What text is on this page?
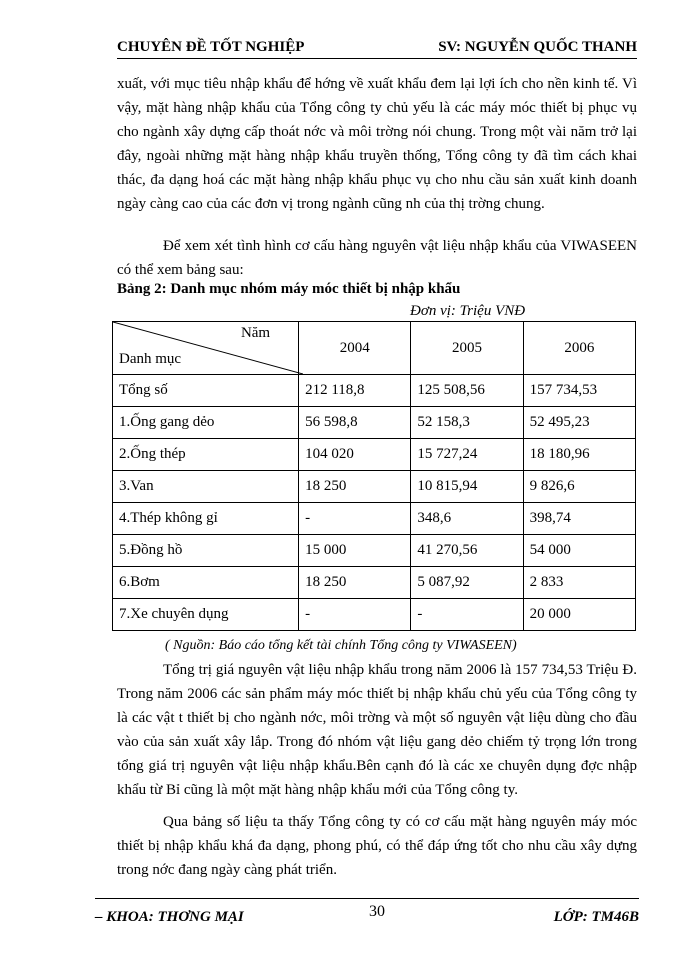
CHUYÊN ĐỀ TỐT NGHIỆP	SV: NGUYỄN QUỐC THANH

xuất, với mục tiêu nhập khẩu để hớng về xuất khẩu đem lại lợi ích cho nền kinh tế. Vì vậy, mặt hàng nhập khẩu của Tổng công ty chủ yếu là các máy móc thiết bị phục vụ cho ngành xây dựng cấp thoát nớc và môi trờng nói chung. Trong một vài năm trở lại đây, ngoài những mặt hàng nhập khẩu truyền thống, Tổng công ty đã tìm cách khai thác, đa dạng hoá các mặt hàng nhập khẩu phục vụ cho nhu cầu sản xuất kinh doanh ngày càng cao của các đơn vị trong ngành cũng nh của thị trờng chung.

Để xem xét tình hình cơ cấu hàng nguyên vật liệu nhập khẩu của VIWASEEN có thể xem bảng sau:

Bảng 2: Danh mục nhóm máy móc thiết bị nhập khẩu
Đơn vị: Triệu VNĐ
Năm
Danh mục	2004	2005	2006
Tổng số	212 118,8	125 508,56	157 734,53
1.Ống gang dẻo	56 598,8	52 158,3	52 495,23
2.Ống thép	104 020	15 727,24	18 180,96
3.Van	18 250	10 815,94	9 826,6
4.Thép không gỉ	-	348,6	398,74
5.Đồng hồ	15 000	41 270,56	54 000
6.Bơm	18 250	5 087,92	2 833
7.Xe chuyên dụng	-	-	20 000
( Nguồn: Báo cáo tổng kết tài chính Tổng công ty VIWASEEN)

Tổng trị giá nguyên vật liệu nhập khẩu trong năm 2006 là 157 734,53 Triệu Đ. Trong năm 2006 các sản phẩm máy móc thiết bị nhập khẩu chủ yếu của Tổng công ty là các vật t thiết bị cho ngành nớc, môi trờng và một số nguyên vật liệu dùng cho đầu vào của sản xuất xây lắp. Trong đó nhóm vật liệu gang dẻo chiếm tỷ trọng lớn trong tổng giá trị nguyên vật liệu nhập khẩu.Bên cạnh đó là các xe chuyên dụng đợc nhập khẩu từ Bỉ cũng là một mặt hàng nhập khẩu mới của Tổng công ty.

Qua bảng số liệu ta thấy Tổng công ty có cơ cấu mặt hàng nguyên máy móc thiết bị nhập khẩu khá đa dạng, phong phú, có thể đáp ứng tốt cho nhu cầu xây dựng trong nớc đang ngày càng phát triển.

– KHOA: THƠNG MẠI	30	LỚP: TM46B
